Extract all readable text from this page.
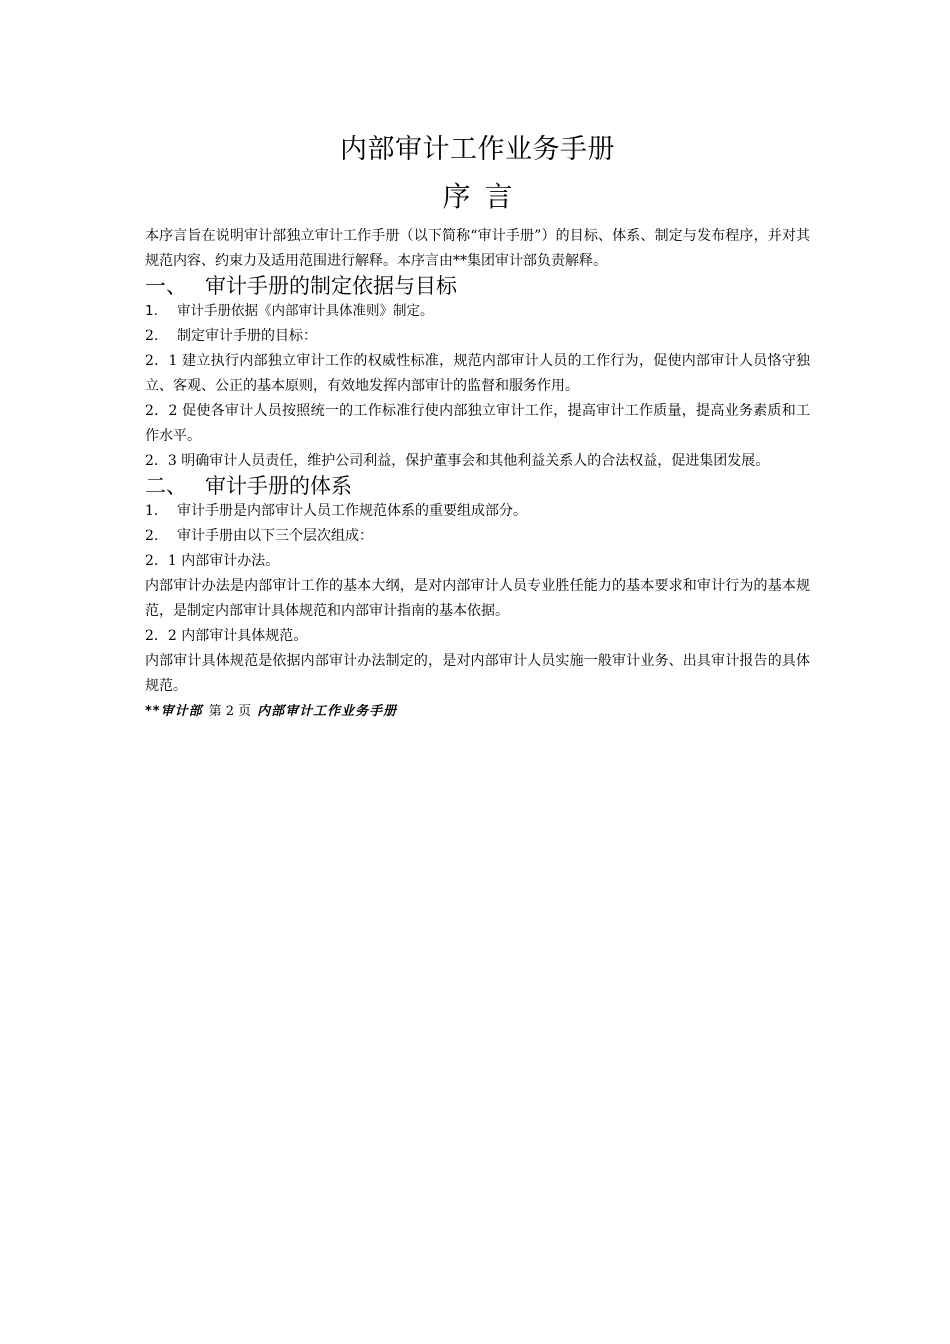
内部审计工作业务手册
序言

本序言旨在说明审计部独立审计工作手册（以下简称“审计手册”）的目标、体系、制定与发布程序，并对其规范内容、约束力及适用范围进行解释。本序言由**集团审计部负责解释。

一、 审计手册的制定依据与目标

1. 审计手册依据《内部审计具体准则》制定。

2. 制定审计手册的目标：

2．1 建立执行内部独立审计工作的权威性标准，规范内部审计人员的工作行为，促使内部审计人员恪守独立、客观、公正的基本原则，有效地发挥内部审计的监督和服务作用。

2．2 促使各审计人员按照统一的工作标准行使内部独立审计工作，提高审计工作质量，提高业务素质和工作水平。

2．3 明确审计人员责任，维护公司利益，保护董事会和其他利益关系人的合法权益，促进集团发展。

二、 审计手册的体系

1. 审计手册是内部审计人员工作规范体系的重要组成部分。

2. 审计手册由以下三个层次组成：

2．1 内部审计办法。

内部审计办法是内部审计工作的基本大纲，是对内部审计人员专业胜任能力的基本要求和审计行为的基本规范，是制定内部审计具体规范和内部审计指南的基本依据。

2．2 内部审计具体规范。

内部审计具体规范是依据内部审计办法制定的，是对内部审计人员实施一般审计业务、出具审计报告的具体规范。

**审计部 第 2 页 内部审计工作业务手册
